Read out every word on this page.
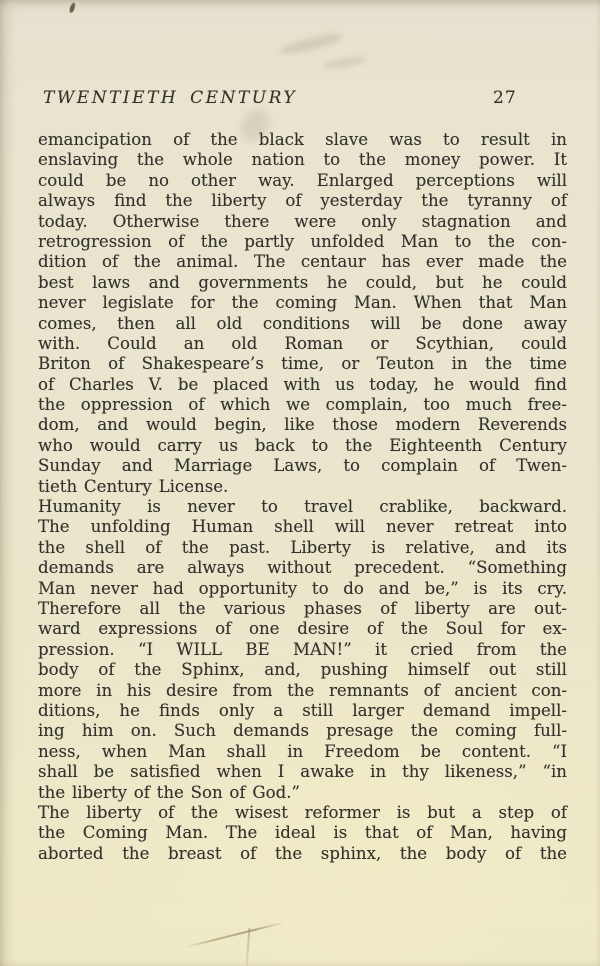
TWENTIETH CENTURY	27
emancipation of the black slave was to result in
enslaving the whole nation to the money power. It
could be no other way. Enlarged perceptions will
always find the liberty of yesterday the tyranny of
today. Otherwise there were only stagnation and
retrogression of the partly unfolded Man to the con-
dition of the animal. The centaur has ever made the
best laws and governments he could, but he could
never legislate for the coming Man. When that Man
comes, then all old conditions will be done away
with. Could an old Roman or Scythian, could
Briton of Shakespeare’s time, or Teuton in the time
of Charles V. be placed with us today, he would find
the oppression of which we complain, too much free-
dom, and would begin, like those modern Reverends
who would carry us back to the Eighteenth Century
Sunday and Marriage Laws, to complain of Twen-
tieth Century License.
Humanity is never to travel crablike, backward.
The unfolding Human shell will never retreat into
the shell of the past. Liberty is relative, and its
demands are always without precedent. “Something
Man never had opportunity to do and be,” is its cry.
Therefore all the various phases of liberty are out-
ward expressions of one desire of the Soul for ex-
pression. “I WILL BE MAN!” it cried from the
body of the Sphinx, and, pushing himself out still
more in his desire from the remnants of ancient con-
ditions, he finds only a still larger demand impell-
ing him on. Such demands presage the coming full-
ness, when Man shall in Freedom be content. “I
shall be satisfied when I awake in thy likeness,” “in
the liberty of the Son of God.”
The liberty of the wisest reformer is but a step of
the Coming Man. The ideal is that of Man, having
aborted the breast of the sphinx, the body of the
